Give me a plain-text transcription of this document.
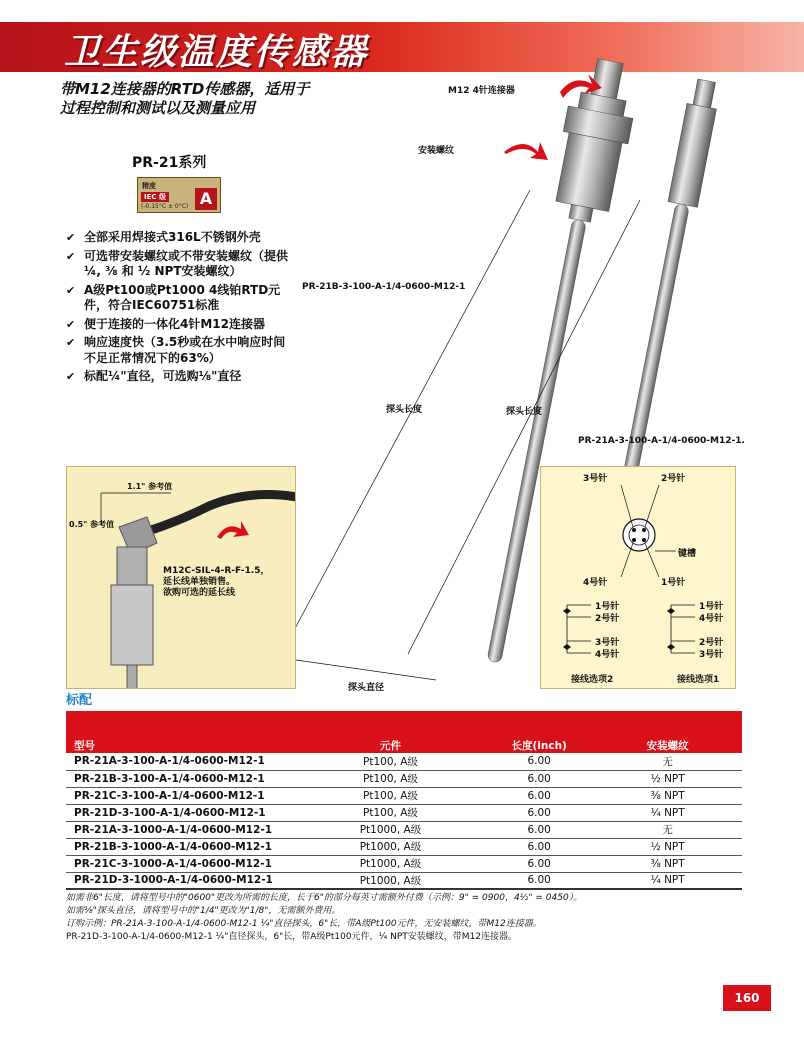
卫生级温度传感器
带M12连接器的RTD传感器，适用于
过程控制和测试以及测量应用
PR-21系列
精度
IEC 级
(-0.15°C ± 0°C) A
✔ 全部采用焊接式316L不锈钢外壳
✔ 可选带安装螺纹或不带安装螺纹（提供¼, ⅜ 和 ½ NPT安装螺纹）
✔ A级Pt100或Pt1000 4线铂RTD元件，符合IEC60751标准
✔ 便于连接的一体化4针M12连接器
✔ 响应速度快（3.5秒或在水中响应时间不足正常情况下的63%）
✔ 标配¼"直径，可选购⅛"直径
M12 4针连接器
安装螺纹
PR-21B-3-100-A-1/4-0600-M12-1
探头长度	探头长度
PR-21A-3-100-A-1/4-0600-M12-1.
探头直径
1.1" 参考值
0.5" 参考值
M12C-SIL-4-R-F-1.5，
延长线单独销售。
欲购可选的延长线
3号针	2号针
键槽
4号针	1号针
1号针
2号针
3号针
4号针
接线选项2
1号针
4号针
2号针
3号针
接线选项1
标配
型号	元件	长度(inch)	安装螺纹
PR-21A-3-100-A-1/4-0600-M12-1	Pt100, A级	6.00	无
PR-21B-3-100-A-1/4-0600-M12-1	Pt100, A级	6.00	½ NPT
PR-21C-3-100-A-1/4-0600-M12-1	Pt100, A级	6.00	⅜ NPT
PR-21D-3-100-A-1/4-0600-M12-1	Pt100, A级	6.00	¼ NPT
PR-21A-3-1000-A-1/4-0600-M12-1	Pt1000, A级	6.00	无
PR-21B-3-1000-A-1/4-0600-M12-1	Pt1000, A级	6.00	½ NPT
PR-21C-3-1000-A-1/4-0600-M12-1	Pt1000, A级	6.00	⅜ NPT
PR-21D-3-1000-A-1/4-0600-M12-1	Pt1000, A级	6.00	¼ NPT
如需非6"长度，请将型号中的"0600"更改为所需的长度，长于6"的部分每英寸需额外付费（示例：9" = 0900，4½" = 0450）。
如需⅛"探头直径，请将型号中的"1/4"更改为"1/8"，无需额外费用。
订购示例：PR-21A-3-100-A-1/4-0600-M12-1 ¼"直径探头，6"长，带A级Pt100元件，无安装螺纹，带M12连接器。
PR-21D-3-100-A-1/4-0600-M12-1 ¼"直径探头，6"长，带A级Pt100元件，¼ NPT安装螺纹，带M12连接器。
160
